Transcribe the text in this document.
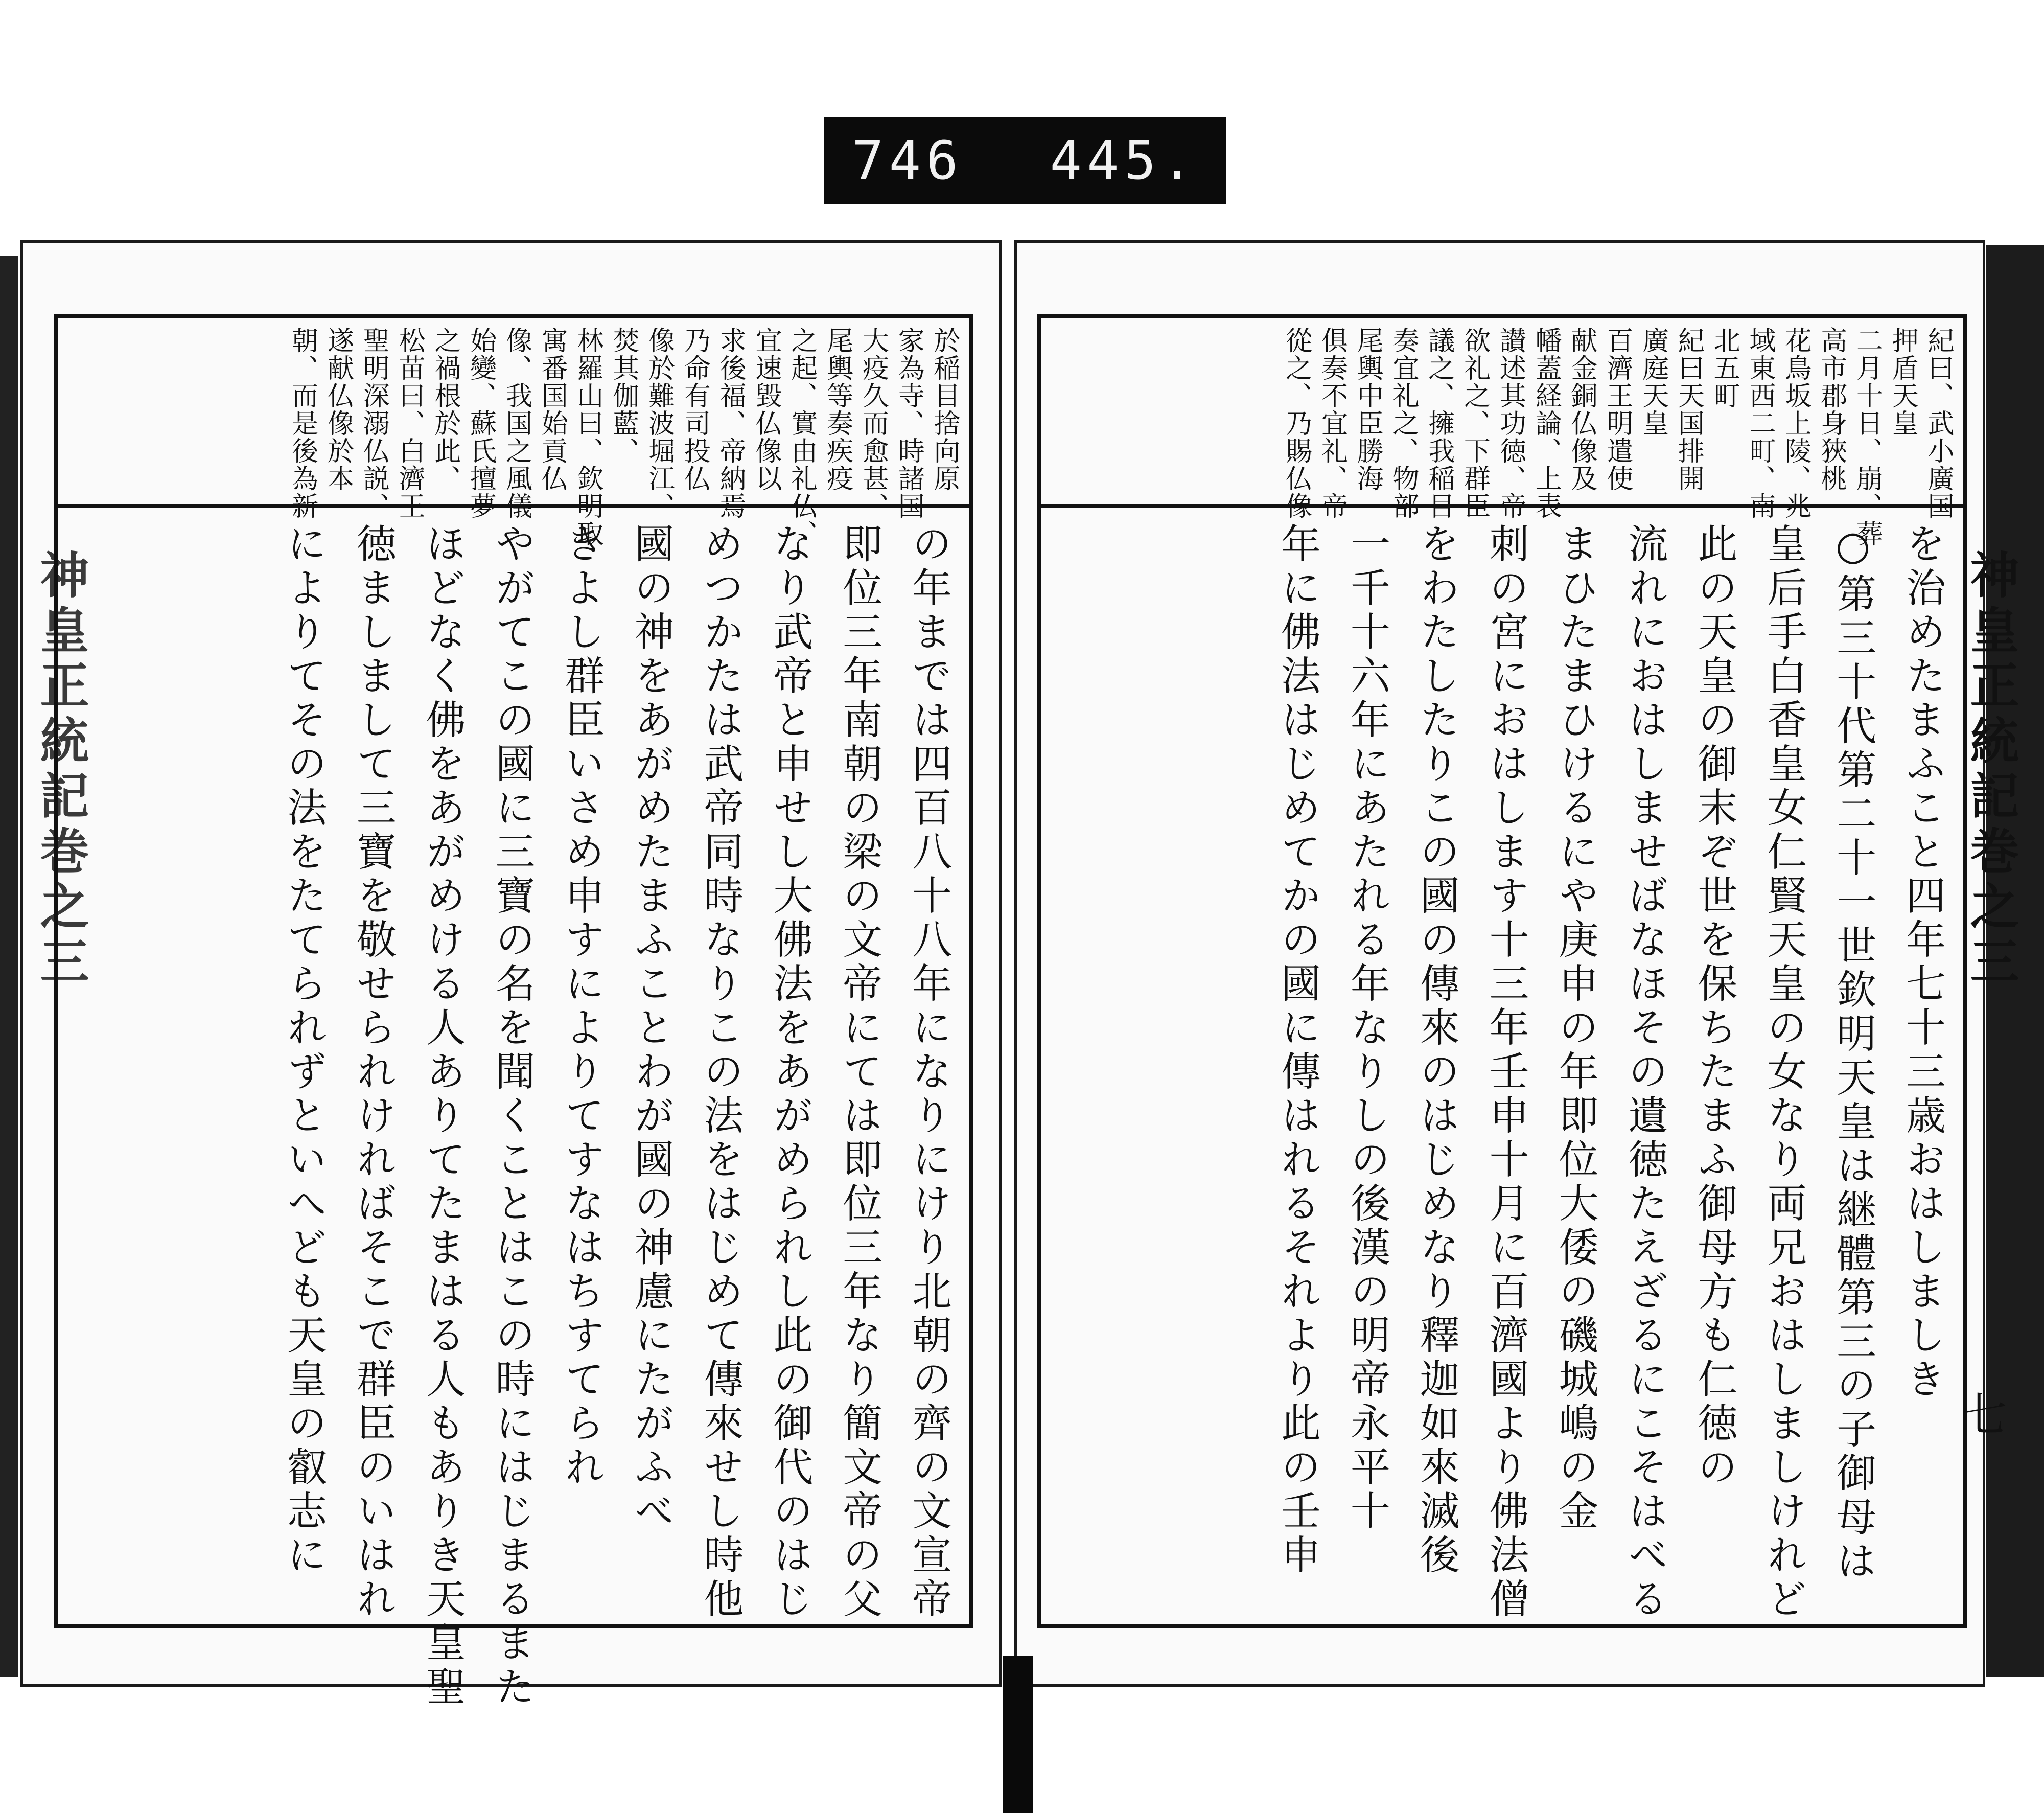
746 445.
紀曰、武小廣国
押盾天皇
二月十日、崩、葬
高市郡身狹桃
花鳥坂上陵、兆
域東西二町、南
北五町
紀曰天国排開
廣庭天皇
百濟王明遣使
献金銅仏像及
幡蓋経論、上表
讃述其功徳、帝
欲礼之、下群臣
議之、擁我稲目
奏宜礼之、物部
尾輿中臣勝海
俱奏不宜礼、帝
從之、乃賜仏像
を治めたまふこと四年七十三歳おはしましき
○第三十代第二十一世欽明天皇は継體第三の子御母は
皇后手白香皇女仁賢天皇の女なり両兄おはしましけれど
此の天皇の御末ぞ世を保ちたまふ御母方も仁徳の
流れにおはしませばなほその遺徳たえざるにこそはべる
まひたまひけるにや庚申の年即位大倭の磯城嶋の金
刺の宮におはします十三年壬申十月に百濟國より佛法僧
をわたしたりこの國の傳來のはじめなり釋迦如來滅後
一千十六年にあたれる年なりしの後漢の明帝永平十
年に佛法はじめてかの國に傳はれるそれより此の壬申	神皇正統記巻之三
七
神皇正統記巻之三
於稲目捨向原
家為寺、時諸国
大疫久而愈甚、
尾輿等奏疾疫
之起、實由礼仏、
宜速毀仏像以
求後福、帝納焉
乃命有司投仏
像於難波堀江、
焚其伽藍、
林羅山曰、欽明取
寓番国始貢仏
像、我国之風儀
始變、蘇氏擅夢
之禍根於此、
松苗曰、白濟王
聖明深溺仏説、
遂献仏像於本
朝、而是後為新
の年までは四百八十八年になりにけり北朝の齊の文宣帝
即位三年南朝の梁の文帝にては即位三年なり簡文帝の父
なり武帝と申せし大佛法をあがめられし此の御代のはじ
めつかたは武帝同時なりこの法をはじめて傳來せし時他
國の神をあがめたまふことわが國の神慮にたがふべ
きよし群臣いさめ申すによりてすなはちすてられ
やがてこの國に三寶の名を聞くことはこの時にはじまるまた
ほどなく佛をあがめける人ありてたまはる人もありき天皇聖
徳ましまして三寶を敬せられければそこで群臣のいはれ
によりてその法をたてられずといへども天皇の叡志に
